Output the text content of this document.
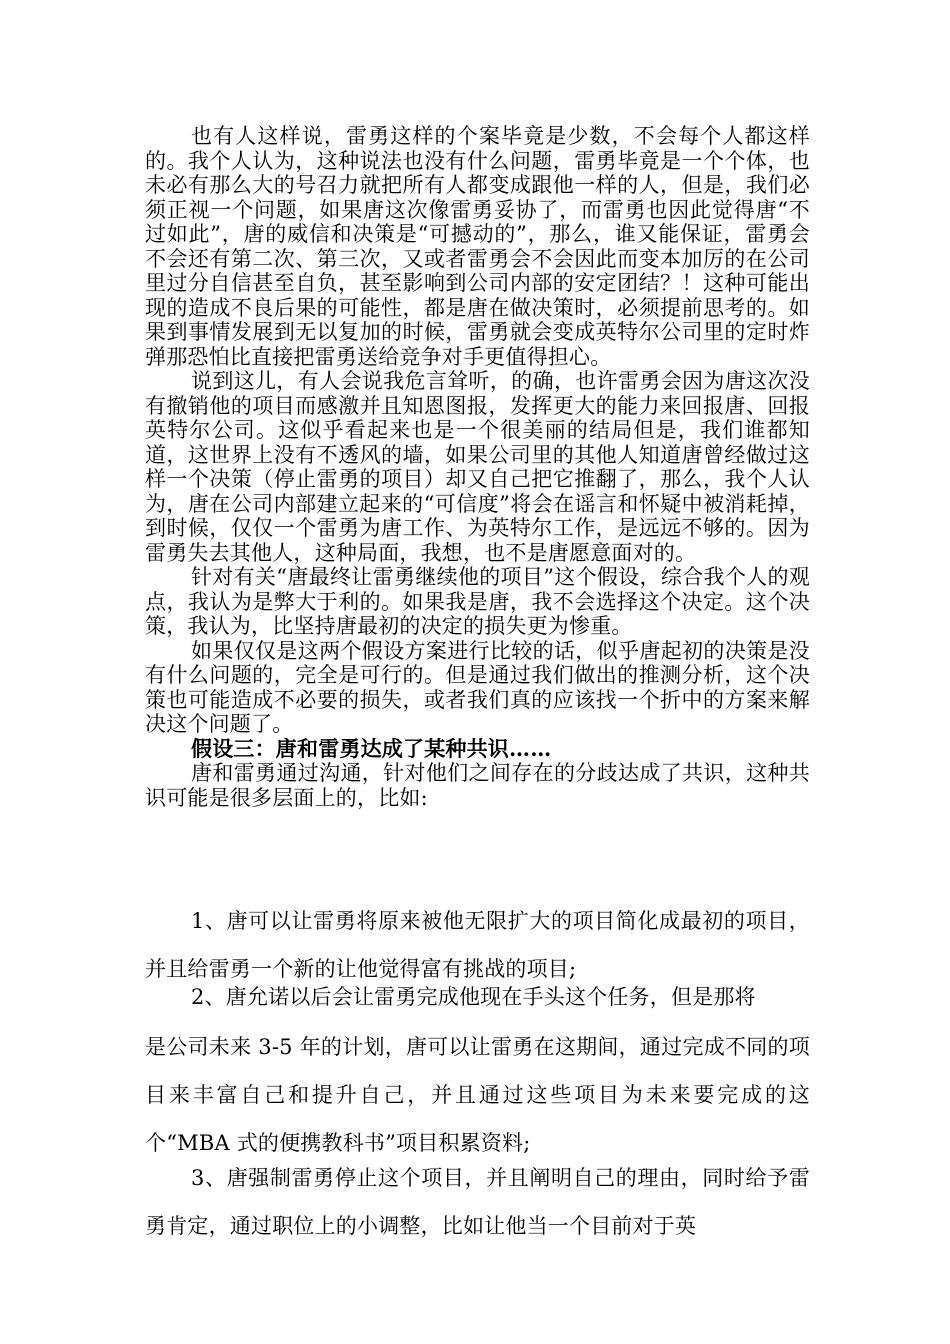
也有人这样说，雷勇这样的个案毕竟是少数，不会每个人都这样的。我个人认为，这种说法也没有什么问题，雷勇毕竟是一个个体，也未必有那么大的号召力就把所有人都变成跟他一样的人，但是，我们必须正视一个问题，如果唐这次像雷勇妥协了，而雷勇也因此觉得唐“不过如此”，唐的威信和决策是“可撼动的”，那么，谁又能保证，雷勇会不会还有第二次、第三次，又或者雷勇会不会因此而变本加厉的在公司里过分自信甚至自负，甚至影响到公司内部的安定团结？！这种可能出现的造成不良后果的可能性，都是唐在做决策时，必须提前思考的。如果到事情发展到无以复加的时候，雷勇就会变成英特尔公司里的定时炸弹那恐怕比直接把雷勇送给竞争对手更值得担心。

说到这儿，有人会说我危言耸听，的确，也许雷勇会因为唐这次没有撤销他的项目而感激并且知恩图报，发挥更大的能力来回报唐、回报英特尔公司。这似乎看起来也是一个很美丽的结局但是，我们谁都知道，这世界上没有不透风的墙，如果公司里的其他人知道唐曾经做过这样一个决策（停止雷勇的项目）却又自己把它推翻了，那么，我个人认为，唐在公司内部建立起来的“可信度”将会在谣言和怀疑中被消耗掉，到时候，仅仅一个雷勇为唐工作、为英特尔工作，是远远不够的。因为雷勇失去其他人，这种局面，我想，也不是唐愿意面对的。

针对有关“唐最终让雷勇继续他的项目”这个假设，综合我个人的观点，我认为是弊大于利的。如果我是唐，我不会选择这个决定。这个决策，我认为，比坚持唐最初的决定的损失更为惨重。

如果仅仅是这两个假设方案进行比较的话，似乎唐起初的决策是没有什么问题的，完全是可行的。但是通过我们做出的推测分析，这个决策也可能造成不必要的损失，或者我们真的应该找一个折中的方案来解决这个问题了。

假设三：唐和雷勇达成了某种共识……

唐和雷勇通过沟通，针对他们之间存在的分歧达成了共识，这种共识可能是很多层面上的，比如:

1、唐可以让雷勇将原来被他无限扩大的项目简化成最初的项目，并且给雷勇一个新的让他觉得富有挑战的项目;

2、唐允诺以后会让雷勇完成他现在手头这个任务，但是那将

是公司未来 3-5 年的计划，唐可以让雷勇在这期间，通过完成不同的项目来丰富自己和提升自己，并且通过这些项目为未来要完成的这个“MBA 式的便携教科书”项目积累资料;

3、唐强制雷勇停止这个项目，并且阐明自己的理由，同时给予雷勇肯定，通过职位上的小调整，比如让他当一个目前对于英
